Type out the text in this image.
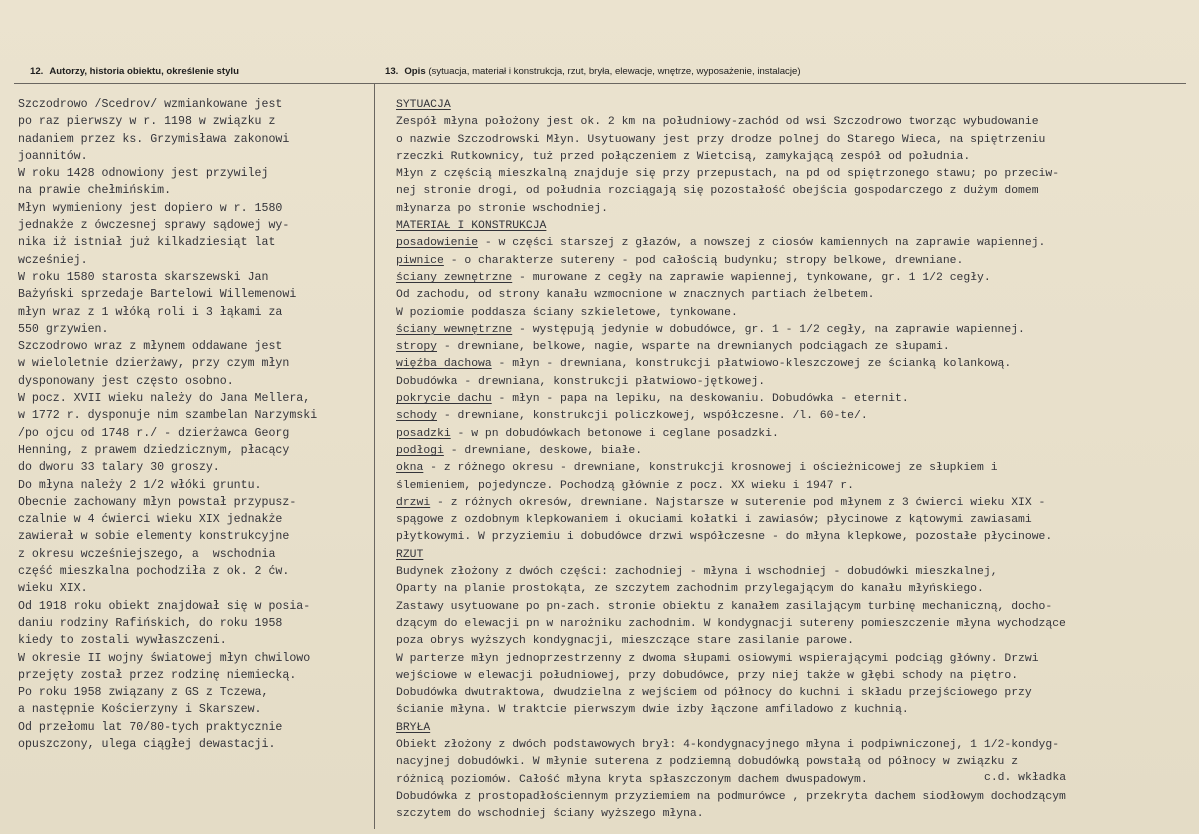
12. Autorzy, historia obiektu, określenie stylu	13. Opis (sytuacja, materiał i konstrukcja, rzut, bryła, elewacje, wnętrze, wyposażenie, instalacje)
Szczodrowo /Scedrov/ wzmiankowane jest
po raz pierwszy w r. 1198 w związku z
nadaniem przez ks. Grzymisława zakonowi
joannitów.
W roku 1428 odnowiony jest przywilej
na prawie chełmińskim.
Młyn wymieniony jest dopiero w r. 1580
jednakże z ówczesnej sprawy sądowej wy-
nika iż istniał już kilkadziesiąt lat
wcześniej.
W roku 1580 starosta skarszewski Jan
Bażyński sprzedaje Bartelowi Willemenowi
młyn wraz z 1 włóką roli i 3 łąkami za
550 grzywien.
Szczodrowo wraz z młynem oddawane jest
w wieloletnie dzierżawy, przy czym młyn
dysponowany jest często osobno.
W pocz. XVII wieku należy do Jana Mellera,
w 1772 r. dysponuje nim szambelan Narzymski
/po ojcu od 1748 r./ - dzierżawca Georg
Henning, z prawem dziedzicznym, płacący
do dworu 33 talary 30 groszy.
Do młyna należy 2 1/2 włóki gruntu.
Obecnie zachowany młyn powstał przypusz-
czalnie w 4 ćwierci wieku XIX jednakże
zawierał w sobie elementy konstrukcyjne
z okresu wcześniejszego, a  wschodnia
część mieszkalna pochodziła z ok. 2 ćw.
wieku XIX.
Od 1918 roku obiekt znajdował się w posia-
daniu rodziny Rafińskich, do roku 1958
kiedy to zostali wywłaszczeni.
W okresie II wojny światowej młyn chwilowo
przejęty został przez rodzinę niemiecką.
Po roku 1958 związany z GS z Tczewa,
a następnie Kościerzyny i Skarszew.
Od przełomu lat 70/80-tych praktycznie
opuszczony, ulega ciągłej dewastacji.
SYTUACJA
Zespół młyna położony jest ok. 2 km na południowy-zachód od wsi Szczodrowo tworząc wybudowanie
o nazwie Szczodrowski Młyn. Usytuowany jest przy drodze polnej do Starego Wieca, na spiętrzeniu
rzeczki Rutkownicy, tuż przed połączeniem z Wietcisą, zamykającą zespół od południa.
Młyn z częścią mieszkalną znajduje się przy przepustach, na pd od spiętrzonego stawu; po przeciw-
nej stronie drogi, od południa rozciągają się pozostałość obejścia gospodarczego z dużym domem
młynarza po stronie wschodniej.
MATERIAŁ I KONSTRUKCJA
posadowienie - w części starszej z głazów, a nowszej z ciosów kamiennych na zaprawie wapiennej.
piwnice - o charakterze sutereny - pod całością budynku; stropy belkowe, drewniane.
ściany zewnętrzne - murowane z cegły na zaprawie wapiennej, tynkowane, gr. 1 1/2 cegły.
Od zachodu, od strony kanału wzmocnione w znacznych partiach żelbetem.
W poziomie poddasza ściany szkieletowe, tynkowane.
ściany wewnętrzne - występują jedynie w dobudówce, gr. 1 - 1/2 cegły, na zaprawie wapiennej.
stropy - drewniane, belkowe, nagie, wsparte na drewnianych podciągach ze słupami.
więźba dachowa - młyn - drewniana, konstrukcji płatwiowo-kleszczowej ze ścianką kolankową.
Dobudówka - drewniana, konstrukcji płatwiowo-jętkowej.
pokrycie dachu - młyn - papa na lepiku, na deskowaniu. Dobudówka - eternit.
schody - drewniane, konstrukcji policzkowej, współczesne. /l. 60-te/.
posadzki - w pn dobudówkach betonowe i ceglane posadzki.
podłogi - drewniane, deskowe, białe.
okna - z różnego okresu - drewniane, konstrukcji krosnowej i ościeżnicowej ze słupkiem i
ślemieniem, pojedyncze. Pochodzą głównie z pocz. XX wieku i 1947 r.
drzwi - z różnych okresów, drewniane. Najstarsze w suterenie pod młynem z 3 ćwierci wieku XIX -
spągowe z ozdobnym klepkowaniem i okuciami kołatki i zawiasów; płycinowe z kątowymi zawiasami
płytkowymi. W przyziemiu i dobudówce drzwi współczesne - do młyna klepkowe, pozostałe płycinowe.
RZUT
Budynek złożony z dwóch części: zachodniej - młyna i wschodniej - dobudówki mieszkalnej,
Oparty na planie prostokąta, ze szczytem zachodnim przylegającym do kanału młyńskiego.
Zastawy usytuowane po pn-zach. stronie obiektu z kanałem zasilającym turbinę mechaniczną, docho-
dzącym do elewacji pn w narożniku zachodnim. W kondygnacji sutereny pomieszczenie młyna wychodzące
poza obrys wyższych kondygnacji, mieszczące stare zasilanie parowe.
W parterze młyn jednoprzestrzenny z dwoma słupami osiowymi wspierającymi podciąg główny. Drzwi
wejściowe w elewacji południowej, przy dobudówce, przy niej także w głębi schody na piętro.
Dobudówka dwutraktowa, dwudzielna z wejściem od północy do kuchni i składu przejściowego przy
ścianie młyna. W traktcie pierwszym dwie izby łączone amfiladowo z kuchnią.
BRYŁA
Obiekt złożony z dwóch podstawowych brył: 4-kondygnacyjnego młyna i podpiwniczonej, 1 1/2-kondyg-
nacyjnej dobudówki. W młynie suterena z podziemną dobudówką powstałą od północy w związku z
różnicą poziomów. Całość młyna kryta spłaszczonym dachem dwuspadowym.
Dobudówka z prostopadłościennym przyziemiem na podmurówce , przekryta dachem siodłowym dochodzącym
szczytem do wschodniej ściany wyższego młyna.
c.d. wkładka
